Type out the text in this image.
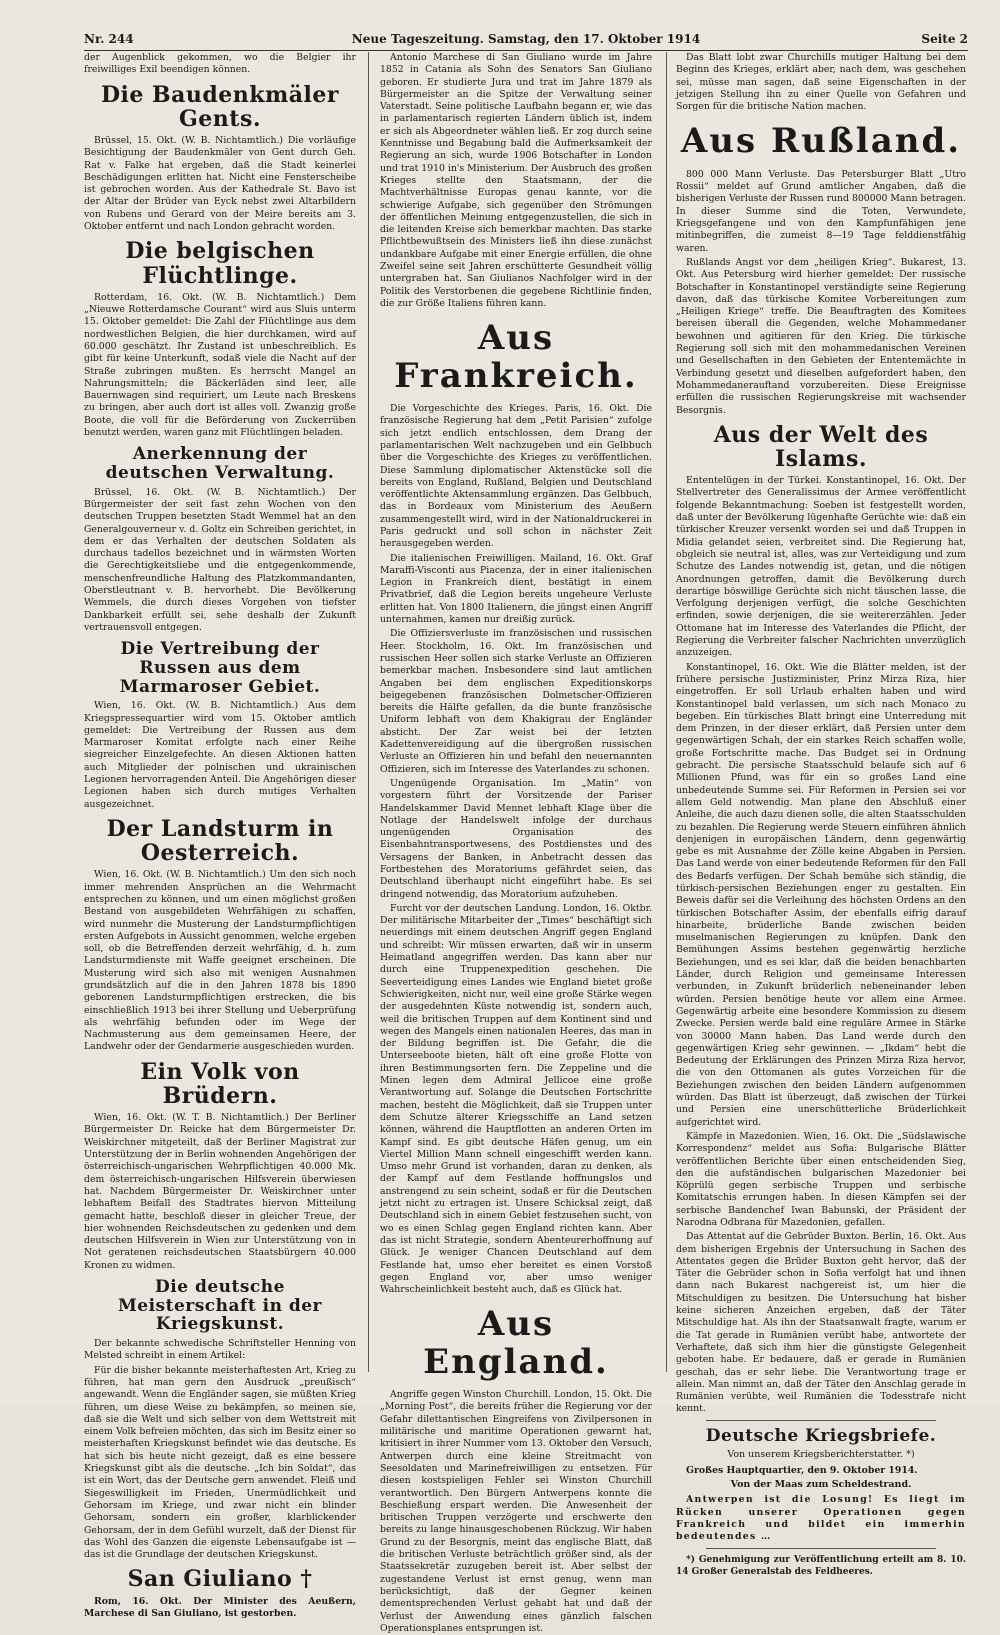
Nr. 244	Neue Tageszeitung. Samstag, den 17. Oktober 1914	Seite 2

der Augenblick gekommen, wo die Belgier ihr freiwilliges Exil beendigen können.

Die Baudenkmäler Gents.

Brüssel, 15. Okt. (W. B. Nichtamtlich.) Die vorläufige Besichtigung der Baudenkmäler von Gent durch Geh. Rat v. Falke hat ergeben, daß die Stadt keinerlei Beschädigungen erlitten hat. Nicht eine Fensterscheibe ist gebrochen worden. Aus der Kathedrale St. Bavo ist der Altar der Brüder van Eyck nebst zwei Altarbildern von Rubens und Gerard von der Meire bereits am 3. Oktober entfernt und nach London gebracht worden.

Die belgischen Flüchtlinge.

Rotterdam, 16. Okt. (W. B. Nichtamtlich.) Dem „Nieuwe Rotterdamsche Courant“ wird aus Sluis unterm 15. Oktober gemeldet: Die Zahl der Flüchtlinge aus dem nordwestlichen Belgien, die hier durchkamen, wird auf 60.000 geschätzt. Ihr Zustand ist unbeschreiblich. Es gibt für keine Unterkunft, sodaß viele die Nacht auf der Straße zubringen mußten. Es herrscht Mangel an Nahrungsmitteln; die Bäckerläden sind leer, alle Bauernwagen sind requiriert, um Leute nach Breskens zu bringen, aber auch dort ist alles voll. Zwanzig große Boote, die voll für die Beförderung von Zuckerrüben benutzt werden, waren ganz mit Flüchtlingen beladen.

Anerkennung der deutschen Verwaltung.

Brüssel, 16. Okt. (W. B. Nichtamtlich.) Der Bürgermeister der seit fast zehn Wochen von den deutschen Truppen besetzten Stadt Wemmel hat an den Generalgouverneur v. d. Goltz ein Schreiben gerichtet, in dem er das Verhalten der deutschen Soldaten als durchaus tadellos bezeichnet und in wärmsten Worten die Gerechtigkeitsliebe und die entgegenkommende, menschenfreundliche Haltung des Platzkommandanten, Oberstleutnant v. B. hervorhebt. Die Bevölkerung Wemmels, die durch dieses Vorgehen von tiefster Dankbarkeit erfüllt sei, sehe deshalb der Zukunft vertrauensvoll entgegen.

Die Vertreibung der Russen aus dem Marmaroser Gebiet.

Wien, 16. Okt. (W. B. Nichtamtlich.) Aus dem Kriegspressequartier wird vom 15. Oktober amtlich gemeldet: Die Vertreibung der Russen aus dem Marmaroser Komitat erfolgte nach einer Reihe siegreicher Einzelgefechte. An diesen Aktionen hatten auch Mitglieder der polnischen und ukrainischen Legionen hervorragenden Anteil. Die Angehörigen dieser Legionen haben sich durch mutiges Verhalten ausgezeichnet.

Der Landsturm in Oesterreich.

Wien, 16. Okt. (W. B. Nichtamtlich.) Um den sich noch immer mehrenden Ansprüchen an die Wehrmacht entsprechen zu können, und um einen möglichst großen Bestand von ausgebildeten Wehrfähigen zu schaffen, wird nunmehr die Musterung der Landsturmpflichtigen ersten Aufgebots in Aussicht genommen, welche ergeben soll, ob die Betreffenden derzeit wehrfähig, d. h. zum Landsturmdienste mit Waffe geeignet erscheinen. Die Musterung wird sich also mit wenigen Ausnahmen grundsätzlich auf die in den Jahren 1878 bis 1890 geborenen Landsturmpflichtigen erstrecken, die bis einschließlich 1913 bei ihrer Stellung und Ueberprüfung als wehrfähig befunden oder im Wege der Nachmusterung aus dem gemeinsamen Heere, der Landwehr oder der Gendarmerie ausgeschieden wurden.

Ein Volk von Brüdern.

Wien, 16. Okt. (W. T. B. Nichtamtlich.) Der Berliner Bürgermeister Dr. Reicke hat dem Bürgermeister Dr. Weiskirchner mitgeteilt, daß der Berliner Magistrat zur Unterstützung der in Berlin wohnenden Angehörigen der österreichisch-ungarischen Wehrpflichtigen 40.000 Mk. dem österreichisch-ungarischen Hilfsverein überwiesen hat. Nachdem Bürgermeister Dr. Weiskirchner unter lebhaftem Beifall des Stadtrates hiervon Mitteilung gemacht hatte, beschloß dieser in gleicher Treue, der hier wohnenden Reichsdeutschen zu gedenken und dem deutschen Hilfsverein in Wien zur Unterstützung von in Not geratenen reichsdeutschen Staatsbürgern 40.000 Kronen zu widmen.

Die deutsche Meisterschaft in der Kriegskunst.

Der bekannte schwedische Schriftsteller Henning von Melsted schreibt in einem Artikel:

Für die bisher bekannte meisterhaftesten Art, Krieg zu führen, hat man gern den Ausdruck „preußisch“ angewandt. Wenn die Engländer sagen, sie müßten Krieg führen, um diese Weise zu bekämpfen, so meinen sie, daß sie die Welt und sich selber von dem Wettstreit mit einem Volk befreien möchten, das sich im Besitz einer so meisterhaften Kriegskunst befindet wie das deutsche. Es hat sich bis heute nicht gezeigt, daß es eine bessere Kriegskunst gibt als die deutsche. „Ich bin Soldat“, das ist ein Wort, das der Deutsche gern anwendet. Fleiß und Siegeswilligkeit im Frieden, Unermüdlichkeit und Gehorsam im Kriege, und zwar nicht ein blinder Gehorsam, sondern ein großer, klarblickender Gehorsam, der in dem Gefühl wurzelt, daß der Dienst für das Wohl des Ganzen die eigenste Lebensaufgabe ist — das ist die Grundlage der deutschen Kriegskunst.

San Giuliano †

Rom, 16. Okt. Der Minister des Aeußern, Marchese di San Giuliano, ist gestorben.

Antonio Marchese di San Giuliano wurde im Jahre 1852 in Catania als Sohn des Senators San Giuliano geboren. Er studierte Jura und trat im Jahre 1879 als Bürgermeister an die Spitze der Verwaltung seiner Vaterstadt. Seine politische Laufbahn begann er, wie das in parlamentarisch regierten Ländern üblich ist, indem er sich als Abgeordneter wählen ließ. Er zog durch seine Kenntnisse und Begabung bald die Aufmerksamkeit der Regierung an sich, wurde 1906 Botschafter in London und trat 1910 in's Ministerium. Der Ausbruch des großen Krieges stellte den Staatsmann, der die Machtverhältnisse Europas genau kannte, vor die schwierige Aufgabe, sich gegenüber den Strömungen der öffentlichen Meinung entgegenzustellen, die sich in die leitenden Kreise sich bemerkbar machten. Das starke Pflichtbewußtsein des Ministers ließ ihn diese zunächst undankbare Aufgabe mit einer Energie erfüllen, die ohne Zweifel seine seit Jahren erschütterte Gesundheit völlig untergraben hat. San Giulianos Nachfolger wird in der Politik des Verstorbenen die gegebene Richtlinie finden, die zur Größe Italiens führen kann.

Aus Frankreich.

Die Vorgeschichte des Krieges. Paris, 16. Okt. Die französische Regierung hat dem „Petit Parisien“ zufolge sich jetzt endlich entschlossen, dem Drang der parlamentarischen Welt nachzugeben und ein Gelbbuch über die Vorgeschichte des Krieges zu veröffentlichen. Diese Sammlung diplomatischer Aktenstücke soll die bereits von England, Rußland, Belgien und Deutschland veröffentlichte Aktensammlung ergänzen. Das Gelbbuch, das in Bordeaux vom Ministerium des Aeußern zusammengestellt wird, wird in der Nationaldruckerei in Paris gedruckt und soll schon in nächster Zeit herausgegeben werden.

Die italienischen Freiwilligen. Mailand, 16. Okt. Graf Maraffi-Visconti aus Piacenza, der in einer italienischen Legion in Frankreich dient, bestätigt in einem Privatbrief, daß die Legion bereits ungeheure Verluste erlitten hat. Von 1800 Italienern, die jüngst einen Angriff unternahmen, kamen nur dreißig zurück.

Die Offiziersverluste im französischen und russischen Heer. Stockholm, 16. Okt. Im französischen und russischen Heer sollen sich starke Verluste an Offizieren bemerkbar machen. Insbesondere sind laut amtlichen Angaben bei dem englischen Expeditionskorps beigegebenen französischen Dolmetscher-Offizieren bereits die Hälfte gefallen, da die bunte französische Uniform lebhaft von dem Khakigrau der Engländer absticht. Der Zar weist bei der letzten Kadettenvereidigung auf die übergroßen russischen Verluste an Offizieren hin und befahl den neuernannten Offizieren, sich im Interesse des Vaterlandes zu schonen.

Ungenügende Organisation. Im „Matin“ von vorgestern führt der Vorsitzende der Pariser Handelskammer David Mennet lebhaft Klage über die Notlage der Handelswelt infolge der durchaus ungenügenden Organisation des Eisenbahntransportwesens, des Postdienstes und des Versagens der Banken, in Anbetracht dessen das Fortbestehen des Moratoriums gefährdet seien, das Deutschland überhaupt nicht eingeführt habe. Es sei dringend notwendig, das Moratorium aufzuheben.

Furcht vor der deutschen Landung. London, 16. Oktbr. Der militärische Mitarbeiter der „Times“ beschäftigt sich neuerdings mit einem deutschen Angriff gegen England und schreibt: Wir müssen erwarten, daß wir in unserm Heimatland angegriffen werden. Das kann aber nur durch eine Truppenexpedition geschehen. Die Seeverteidigung eines Landes wie England bietet große Schwierigkeiten, nicht nur, weil eine große Stärke wegen der ausgedehnten Küste notwendig ist, sondern auch, weil die britischen Truppen auf dem Kontinent sind und wegen des Mangels einen nationalen Heeres, das man in der Bildung begriffen ist. Die Gefahr, die die Unterseeboote bieten, hält oft eine große Flotte von ihren Bestimmungsorten fern. Die Zeppeline und die Minen legen dem Admiral Jellicoe eine große Verantwortung auf. Solange die Deutschen Fortschritte machen, besteht die Möglichkeit, daß sie Truppen unter dem Schutze älterer Kriegsschiffe an Land setzen können, während die Hauptflotten an anderen Orten im Kampf sind. Es gibt deutsche Häfen genug, um ein Viertel Million Mann schnell eingeschifft werden kann. Umso mehr Grund ist vorhanden, daran zu denken, als der Kampf auf dem Festlande hoffnungslos und anstrengend zu sein scheint, sodaß er für die Deutschen jetzt nicht zu ertragen ist. Unsere Schicksal zeigt, daß Deutschland sich in einem Gebiet festzusehen sucht, von wo es einen Schlag gegen England richten kann. Aber das ist nicht Strategie, sondern Abenteurerhoffnung auf Glück. Je weniger Chancen Deutschland auf dem Festlande hat, umso eher bereitet es einen Vorstoß gegen England vor, aber umso weniger Wahrscheinlichkeit besteht auch, daß es Glück hat.

Aus England.

Angriffe gegen Winston Churchill. London, 15. Okt. Die „Morning Post“, die bereits früher die Regierung vor der Gefahr dilettantischen Eingreifens von Zivilpersonen in militärische und maritime Operationen gewarnt hat, kritisiert in ihrer Nummer vom 13. Oktober den Versuch, Antwerpen durch eine kleine Streitmacht von Seesoldaten und Marinefreiwilligen zu entsetzen. Für diesen kostspieligen Fehler sei Winston Churchill verantwortlich. Den Bürgern Antwerpens konnte die Beschießung erspart werden. Die Anwesenheit der britischen Truppen verzögerte und erschwerte den bereits zu lange hinausgeschobenen Rückzug. Wir haben Grund zu der Besorgnis, meint das englische Blatt, daß die britischen Verluste beträchtlich größer sind, als der Staatssekretär zuzugeben bereit ist. Aber selbst der zugestandene Verlust ist ernst genug, wenn man berücksichtigt, daß der Gegner keinen dementsprechenden Verlust gehabt hat und daß der Verlust der Anwendung eines gänzlich falschen Operationsplanes entsprungen ist.

Das Blatt lobt zwar Churchills mutiger Haltung bei dem Beginn des Krieges, erklärt aber, nach dem, was geschehen sei, müsse man sagen, daß seine Eigenschaften in der jetzigen Stellung ihn zu einer Quelle von Gefahren und Sorgen für die britische Nation machen.

Aus Rußland.

800 000 Mann Verluste. Das Petersburger Blatt „Utro Rossii“ meldet auf Grund amtlicher Angaben, daß die bisherigen Verluste der Russen rund 800000 Mann betragen. In dieser Summe sind die Toten, Verwundete, Kriegsgefangene und von den Kampfunfähigen jene mitinbegriffen, die zumeist 8—19 Tage felddienstfähig waren.

Rußlands Angst vor dem „heiligen Krieg“. Bukarest, 13. Okt. Aus Petersburg wird hierher gemeldet: Der russische Botschafter in Konstantinopel verständigte seine Regierung davon, daß das türkische Komitee Vorbereitungen zum „Heiligen Kriege“ treffe. Die Beauftragten des Komitees bereisen überall die Gegenden, welche Mohammedaner bewohnen und agitieren für den Krieg. Die türkische Regierung soll sich mit den mohammedanischen Vereinen und Gesellschaften in den Gebieten der Ententemächte in Verbindung gesetzt und dieselben aufgefordert haben, den Mohammedanerauftand vorzubereiten. Diese Ereignisse erfüllen die russischen Regierungskreise mit wachsender Besorgnis.

Aus der Welt des Islams.

Ententelügen in der Türkei. Konstantinopel, 16. Okt. Der Stellvertreter des Generalissimus der Armee veröffentlicht folgende Bekanntmachung: Soeben ist festgestellt worden, daß unter der Bevölkerung lügenhafte Gerüchte wie: daß ein türkischer Kreuzer versenkt worden sei und daß Truppen in Midia gelandet seien, verbreitet sind. Die Regierung hat, obgleich sie neutral ist, alles, was zur Verteidigung und zum Schutze des Landes notwendig ist, getan, und die nötigen Anordnungen getroffen, damit die Bevölkerung durch derartige böswillige Gerüchte sich nicht täuschen lasse, die Verfolgung derjenigen verfügt, die solche Geschichten erfinden, sowie derjenigen, die sie weitererzählen. Jeder Ottomane hat im Interesse des Vaterlandes die Pflicht, der Regierung die Verbreiter falscher Nachrichten unverzüglich anzuzeigen.

Konstantinopel, 16. Okt. Wie die Blätter melden, ist der frühere persische Justizminister, Prinz Mirza Riza, hier eingetroffen. Er soll Urlaub erhalten haben und wird Konstantinopel bald verlassen, um sich nach Monaco zu begeben. Ein türkisches Blatt bringt eine Unterredung mit dem Prinzen, in der dieser erklärt, daß Persien unter dem gegenwärtigen Schah, der ein starkes Reich schaffen wolle, große Fortschritte mache. Das Budget sei in Ordnung gebracht. Die persische Staatsschuld belaufe sich auf 6 Millionen Pfund, was für ein so großes Land eine unbedeutende Summe sei. Für Reformen in Persien sei vor allem Geld notwendig. Man plane den Abschluß einer Anleihe, die auch dazu dienen solle, die alten Staatsschulden zu bezahlen. Die Regierung werde Steuern einführen ähnlich denjenigen in europäischen Ländern, denn gegenwärtig gebe es mit Ausnahme der Zölle keine Abgaben in Persien. Das Land werde von einer bedeutende Reformen für den Fall des Bedarfs verfügen. Der Schah bemühe sich ständig, die türkisch-persischen Beziehungen enger zu gestalten. Ein Beweis dafür sei die Verleihung des höchsten Ordens an den türkischen Botschafter Assim, der ebenfalls eifrig darauf hinarbeite, brüderliche Bande zwischen beiden muselmanischen Regierungen zu knüpfen. Dank den Bemühungen Assims bestehen gegenwärtig herzliche Beziehungen, und es sei klar, daß die beiden benachbarten Länder, durch Religion und gemeinsame Interessen verbunden, in Zukunft brüderlich nebeneinander leben würden. Persien benötige heute vor allem eine Armee. Gegenwärtig arbeite eine besondere Kommission zu diesem Zwecke. Persien werde bald eine reguläre Armee in Stärke von 30000 Mann haben. Das Land werde durch den gegenwärtigen Krieg sehr gewinnen. — „Ikdam“ hebt die Bedeutung der Erklärungen des Prinzen Mirza Riza hervor, die von den Ottomanen als gutes Vorzeichen für die Beziehungen zwischen den beiden Ländern aufgenommen würden. Das Blatt ist überzeugt, daß zwischen der Türkei und Persien eine unerschütterliche Brüderlichkeit aufgerichtet wird.

Kämpfe in Mazedonien. Wien, 16. Okt. Die „Südslawische Korrespondenz“ meldet aus Sofia: Bulgarische Blätter veröffentlichen Berichte über einen entscheidenden Sieg, den die aufständischen bulgarischen Mazedonier bei Köprülü gegen serbische Truppen und serbische Komitatschis errungen haben. In diesen Kämpfen sei der serbische Bandenchef Iwan Babunski, der Präsident der Narodna Odbrana für Mazedonien, gefallen.

Das Attentat auf die Gebrüder Buxton. Berlin, 16. Okt. Aus dem bisherigen Ergebnis der Untersuchung in Sachen des Attentates gegen die Brüder Buxton geht hervor, daß der Täter die Gebrüder schon in Sofia verfolgt hat und ihnen dann nach Bukarest nachgereist ist, um hier die Mitschuldigen zu besitzen. Die Untersuchung hat bisher keine sicheren Anzeichen ergeben, daß der Täter Mitschuldige hat. Als ihn der Staatsanwalt fragte, warum er die Tat gerade in Rumänien verübt habe, antwortete der Verhaftete, daß sich ihm hier die günstigste Gelegenheit geboten habe. Er bedauere, daß er gerade in Rumänien geschah, das er sehr liebe. Die Verantwortung trage er allein. Man nimmt an, daß der Täter den Anschlag gerade in Rumänien verübte, weil Rumänien die Todesstrafe nicht kennt.

Deutsche Kriegsbriefe.
Von unserem Kriegsberichterstatter. *)

Großes Hauptquartier, den 9. Oktober 1914.

Von der Maas zum Scheldestrand.

Antwerpen ist die Losung! Es liegt im Rücken unserer Operationen gegen Frankreich und bildet ein immerhin bedeutendes …

*) Genehmigung zur Veröffentlichung erteilt am 8. 10. 14 Großer Generalstab des Feldheeres.
